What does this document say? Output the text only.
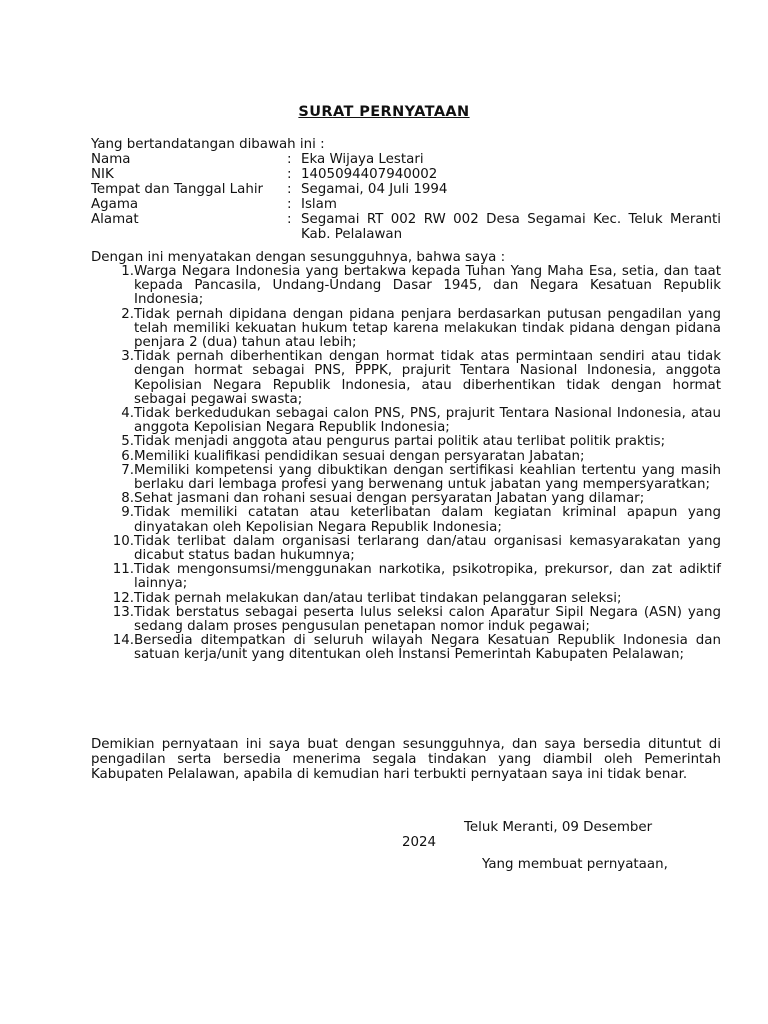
SURAT PERNYATAAN
Yang bertandatangan dibawah ini :
Nama	: Eka Wijaya Lestari
NIK	: 1405094407940002
Tempat dan Tanggal Lahir	: Segamai, 04 Juli 1994
Agama	: Islam
Alamat	: Segamai RT 002 RW 002 Desa Segamai Kec. Teluk Meranti Kab. Pelalawan
Dengan ini menyatakan dengan sesungguhnya, bahwa saya :
1. Warga Negara Indonesia yang bertakwa kepada Tuhan Yang Maha Esa, setia, dan taat kepada Pancasila, Undang-Undang Dasar 1945, dan Negara Kesatuan Republik Indonesia;
2. Tidak pernah dipidana dengan pidana penjara berdasarkan putusan pengadilan yang telah memiliki kekuatan hukum tetap karena melakukan tindak pidana dengan pidana penjara 2 (dua) tahun atau lebih;
3. Tidak pernah diberhentikan dengan hormat tidak atas permintaan sendiri atau tidak dengan hormat sebagai PNS, PPPK, prajurit Tentara Nasional Indonesia, anggota Kepolisian Negara Republik Indonesia, atau diberhentikan tidak dengan hormat sebagai pegawai swasta;
4. Tidak berkedudukan sebagai calon PNS, PNS, prajurit Tentara Nasional Indonesia, atau anggota Kepolisian Negara Republik Indonesia;
5. Tidak menjadi anggota atau pengurus partai politik atau terlibat politik praktis;
6. Memiliki kualifikasi pendidikan sesuai dengan persyaratan Jabatan;
7. Memiliki kompetensi yang dibuktikan dengan sertifikasi keahlian tertentu yang masih berlaku dari lembaga profesi yang berwenang untuk jabatan yang mempersyaratkan;
8. Sehat jasmani dan rohani sesuai dengan persyaratan Jabatan yang dilamar;
9. Tidak memiliki catatan atau keterlibatan dalam kegiatan kriminal apapun yang dinyatakan oleh Kepolisian Negara Republik Indonesia;
10. Tidak terlibat dalam organisasi terlarang dan/atau organisasi kemasyarakatan yang dicabut status badan hukumnya;
11. Tidak mengonsumsi/menggunakan narkotika, psikotropika, prekursor, dan zat adiktif lainnya;
12. Tidak pernah melakukan dan/atau terlibat tindakan pelanggaran seleksi;
13. Tidak berstatus sebagai peserta lulus seleksi calon Aparatur Sipil Negara (ASN) yang sedang dalam proses pengusulan penetapan nomor induk pegawai;
14. Bersedia ditempatkan di seluruh wilayah Negara Kesatuan Republik Indonesia dan satuan kerja/unit yang ditentukan oleh Instansi Pemerintah Kabupaten Pelalawan;
Demikian pernyataan ini saya buat dengan sesungguhnya, dan saya bersedia dituntut di pengadilan serta bersedia menerima segala tindakan yang diambil oleh Pemerintah Kabupaten Pelalawan, apabila di kemudian hari terbukti pernyataan saya ini tidak benar.
Teluk Meranti, 09 Desember
2024
Yang membuat pernyataan,
